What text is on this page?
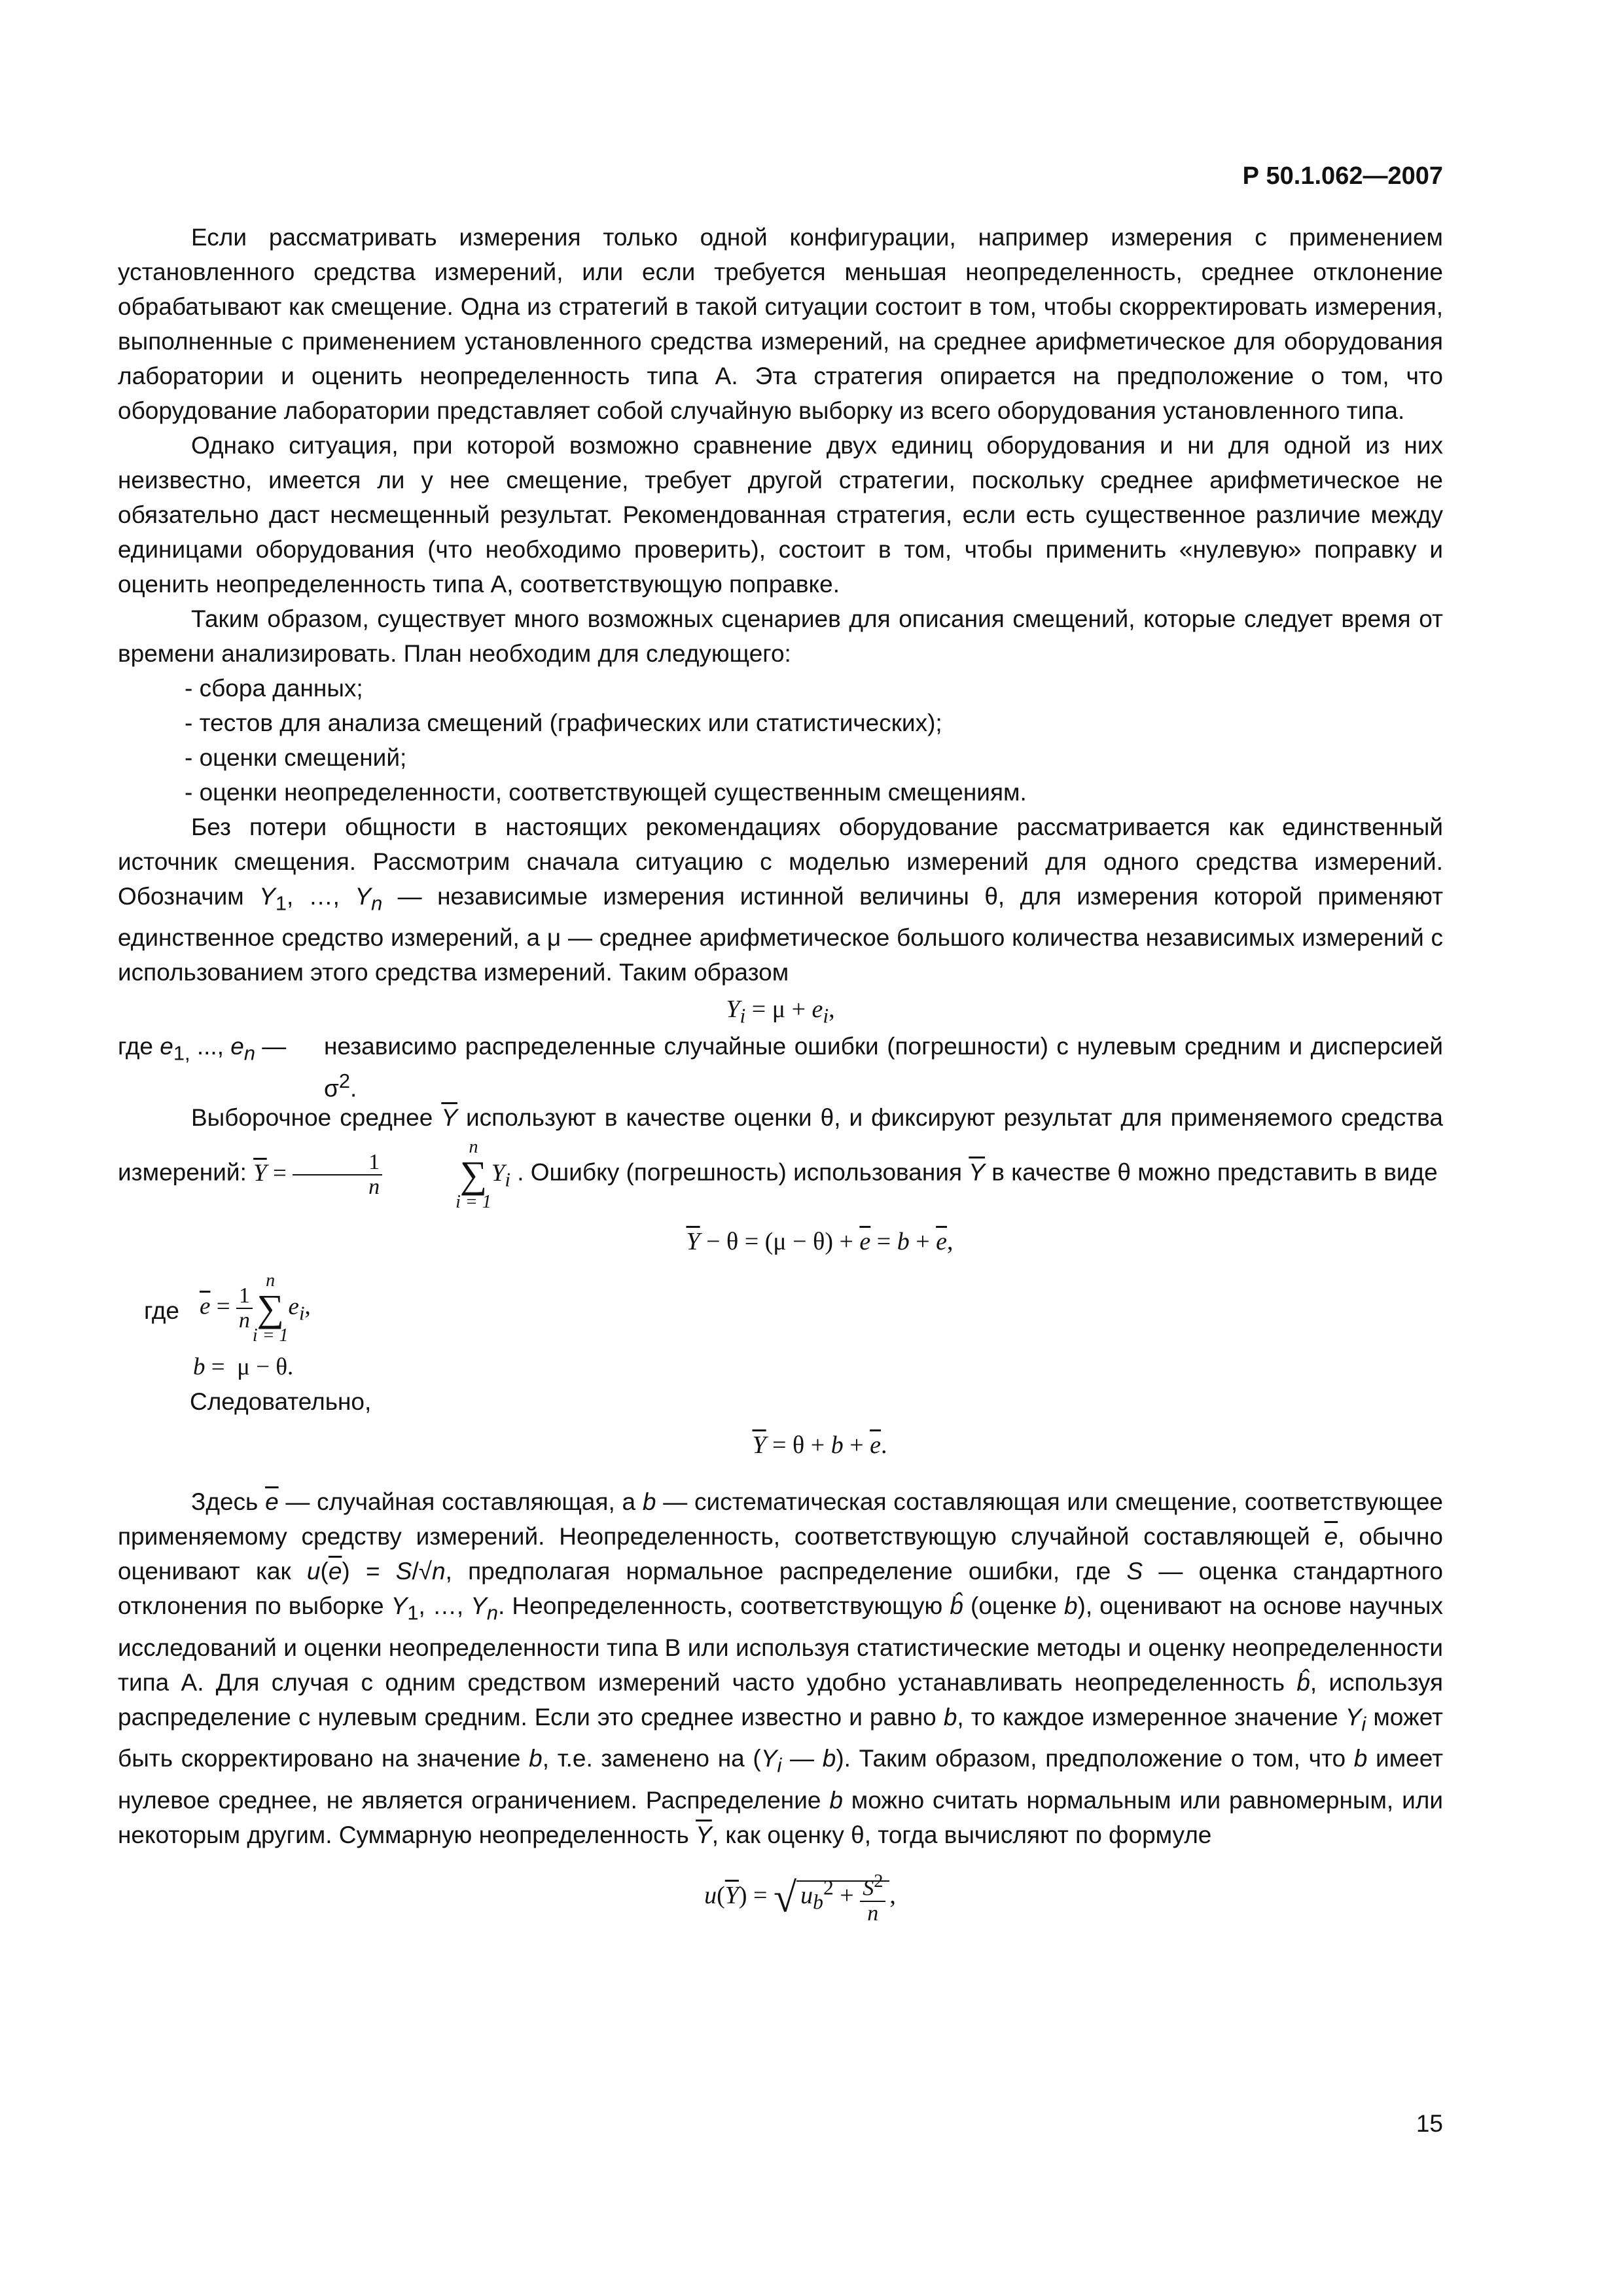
Р 50.1.062—2007

Если рассматривать измерения только одной конфигурации, например измерения с применением установленного средства измерений, или если требуется меньшая неопределенность, среднее отклонение обрабатывают как смещение. Одна из стратегий в такой ситуации состоит в том, чтобы скорректировать измерения, выполненные с применением установленного средства измерений, на среднее арифметическое для оборудования лаборатории и оценить неопределенность типа А. Эта стратегия опирается на предположение о том, что оборудование лаборатории представляет собой случайную выборку из всего оборудования установленного типа.

Однако ситуация, при которой возможно сравнение двух единиц оборудования и ни для одной из них неизвестно, имеется ли у нее смещение, требует другой стратегии, поскольку среднее арифметическое не обязательно даст несмещенный результат. Рекомендованная стратегия, если есть существенное различие между единицами оборудования (что необходимо проверить), состоит в том, чтобы применить «нулевую» поправку и оценить неопределенность типа А, соответствующую поправке.

Таким образом, существует много возможных сценариев для описания смещений, которые следует время от времени анализировать. План необходим для следующего:

- сбора данных;

- тестов для анализа смещений (графических или статистических);

- оценки смещений;

- оценки неопределенности, соответствующей существенным смещениям.

Без потери общности в настоящих рекомендациях оборудование рассматривается как единственный источник смещения. Рассмотрим сначала ситуацию с моделью измерений для одного средства измерений. Обозначим $Y_1$, …, $Y_n$ — независимые измерения истинной величины θ, для измерения которой применяют единственное средство измерений, а μ — среднее арифметическое большого количества независимых измерений с использованием этого средства измерений. Таким образом

$Y_i = \mu + e_i$,
где $e_{1,}$ ..., $e_n$ — независимо распределенные случайные ошибки (погрешности) с нулевым средним и дисперсией $\sigma^2$.

Выборочное среднее $\overline{Y}$ используют в качестве оценки θ, и фиксируют результат для применяемого средства измерений: $\overline{Y} = \frac{1}{n}$
n
∑
i = 1
$Y_i$ . Ошибку (погрешность) использования $\overline{Y}$ в качестве θ можно представить в виде

$\overline{Y} - \theta = (\mu - \theta) + \overline{e} = b + \overline{e}$,
где $\overline{e} = \frac{1}{n}$
n
∑
i = 1
$e_i$,
b =  μ − θ.
Следовательно,
$\overline{Y} = \theta + b + \overline{e}$.

Здесь $\overline{e}$ — случайная составляющая, а b — систематическая составляющая или смещение, соответствующее применяемому средству измерений. Неопределенность, соответствующую случайной составляющей $\overline{e}$, обычно оценивают как $u(\overline{e}) = S/√n$, предполагая нормальное распределение ошибки, где S — оценка стандартного отклонения по выборке $Y_1$, …, $Y_n$. Неопределенность, соответствующую b̂ (оценке b), оценивают на основе научных исследований и оценки неопределенности типа В или используя статистические методы и оценку неопределенности типа А. Для случая с одним средством измерений часто удобно устанавливать неопределенность b̂, используя распределение с нулевым средним. Если это среднее известно и равно b, то каждое измеренное значение $Y_i$ может быть скорректировано на значение b, т.е. заменено на ($Y_i$ — b). Таким образом, предположение о том, что b имеет нулевое среднее, не является ограничением. Распределение b можно считать нормальным или равномерным, или некоторым другим. Суммарную неопределенность $\overline{Y}$, как оценку θ, тогда вычисляют по формуле

$u(\overline{Y})$ = √ $u_b^2 + \frac{S^2}{n}$ ,
15
